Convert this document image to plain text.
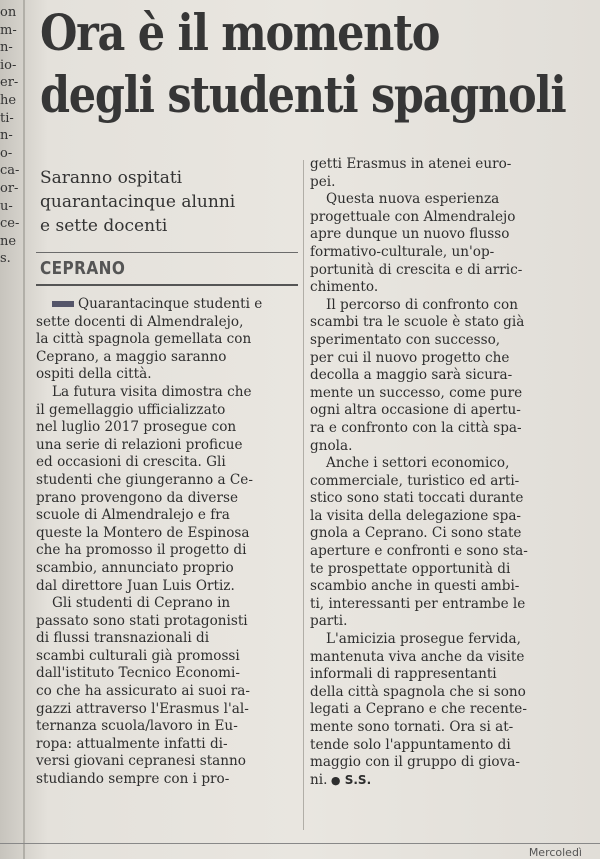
on
m-
n-
io-
er-
he
ti-
n-
o-
ca-
or-
u-
ce-
ne
s.
Ora è il momento
degli studenti spagnoli
Saranno ospitati
quarantacinque alunni
e sette docenti
CEPRANO

Quarantacinque studenti e
sette docenti di Almendralejo,
la città spagnola gemellata con
Ceprano, a maggio saranno
ospiti della città.

La futura visita dimostra che
il gemellaggio ufficializzato
nel luglio 2017 prosegue con
una serie di relazioni proficue
ed occasioni di crescita. Gli
studenti che giungeranno a Ce-
prano provengono da diverse
scuole di Almendralejo e fra
queste la Montero de Espinosa
che ha promosso il progetto di
scambio, annunciato proprio
dal direttore Juan Luis Ortiz.

Gli studenti di Ceprano in
passato sono stati protagonisti
di flussi transnazionali di
scambi culturali già promossi
dall'istituto Tecnico Economi-
co che ha assicurato ai suoi ra-
gazzi attraverso l'Erasmus l'al-
ternanza scuola/lavoro in Eu-
ropa: attualmente infatti di-
versi giovani cepranesi stanno
studiando sempre con i pro-

getti Erasmus in atenei euro-
pei.

Questa nuova esperienza
progettuale con Almendralejo
apre dunque un nuovo flusso
formativo-culturale, un'op-
portunità di crescita e di arric-
chimento.

Il percorso di confronto con
scambi tra le scuole è stato già
sperimentato con successo,
per cui il nuovo progetto che
decolla a maggio sarà sicura-
mente un successo, come pure
ogni altra occasione di apertu-
ra e confronto con la città spa-
gnola.

Anche i settori economico,
commerciale, turistico ed arti-
stico sono stati toccati durante
la visita della delegazione spa-
gnola a Ceprano. Ci sono state
aperture e confronti e sono sta-
te prospettate opportunità di
scambio anche in questi ambi-
ti, interessanti per entrambe le
parti.

L'amicizia prosegue fervida,
mantenuta viva anche da visite
informali di rappresentanti
della città spagnola che si sono
legati a Ceprano e che recente-
mente sono tornati. Ora si at-
tende solo l'appuntamento di
maggio con il gruppo di giova-
ni. ● S.S.

Mercoledì
